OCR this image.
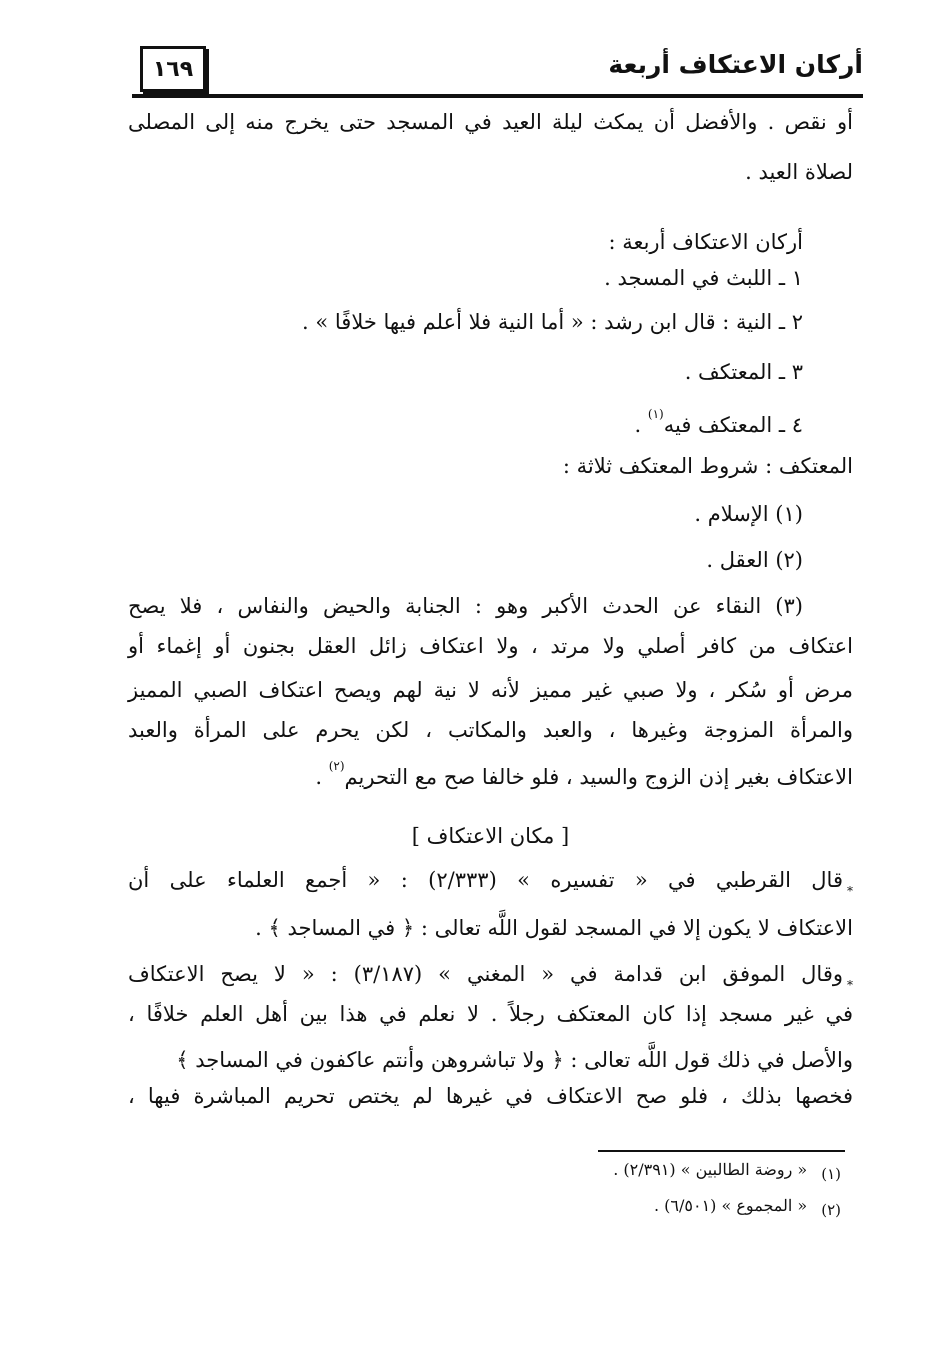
١٦٩	أركان الاعتكاف أربعة
أو نقص . والأفضل أن يمكث ليلة العيد في المسجد حتى يخرج منه إلى المصلى
لصلاة العيد .
أركان الاعتكاف أربعة :
١ ـ اللبث في المسجد .
٢ ـ النية : قال ابن رشد : « أما النية فلا أعلم فيها خلافًا » .
٣ ـ المعتكف .
٤ ـ المعتكف فيه$^{(١)}$ .
المعتكف : شروط المعتكف ثلاثة :
(١) الإسلام .
(٢) العقل .
(٣) النقاء عن الحدث الأكبر وهو : الجنابة والحيض والنفاس ، فلا يصح
اعتكاف من كافر أصلي ولا مرتد ، ولا اعتكاف زائل العقل بجنون أو إغماء أو
مرض أو سُكر ، ولا صبي غير مميز لأنه لا نية لهم ويصح اعتكاف الصبي المميز
والمرأة المزوجة وغيرها ، والعبد والمكاتب ، لكن يحرم على المرأة والعبد
الاعتكاف بغير إذن الزوج والسيد ، فلو خالفا صح مع التحريم$^{(٢)}$ .
[ مكان الاعتكاف ]
$_*$قال القرطبي في « تفسيره » (٢/٣٣٣) : « أجمع العلماء على أن
الاعتكاف لا يكون إلا في المسجد لقول اللَّه تعالى : ﴿ في المساجد ﴾ .
$_*$وقال الموفق ابن قدامة في « المغني » (٣/١٨٧) : « لا يصح الاعتكاف
في غير مسجد إذا كان المعتكف رجلاً . لا نعلم في هذا بين أهل العلم خلافًا ،
والأصل في ذلك قول اللَّه تعالى : ﴿ ولا تباشروهن وأنتم عاكفون في المساجد ﴾
فخصها بذلك ، فلو صح الاعتكاف في غيرها لم يختص تحريم المباشرة فيها ،
(١)« روضة الطالبين » (٢/٣٩١) .
(٢)« المجموع » (٦/٥٠١) .
